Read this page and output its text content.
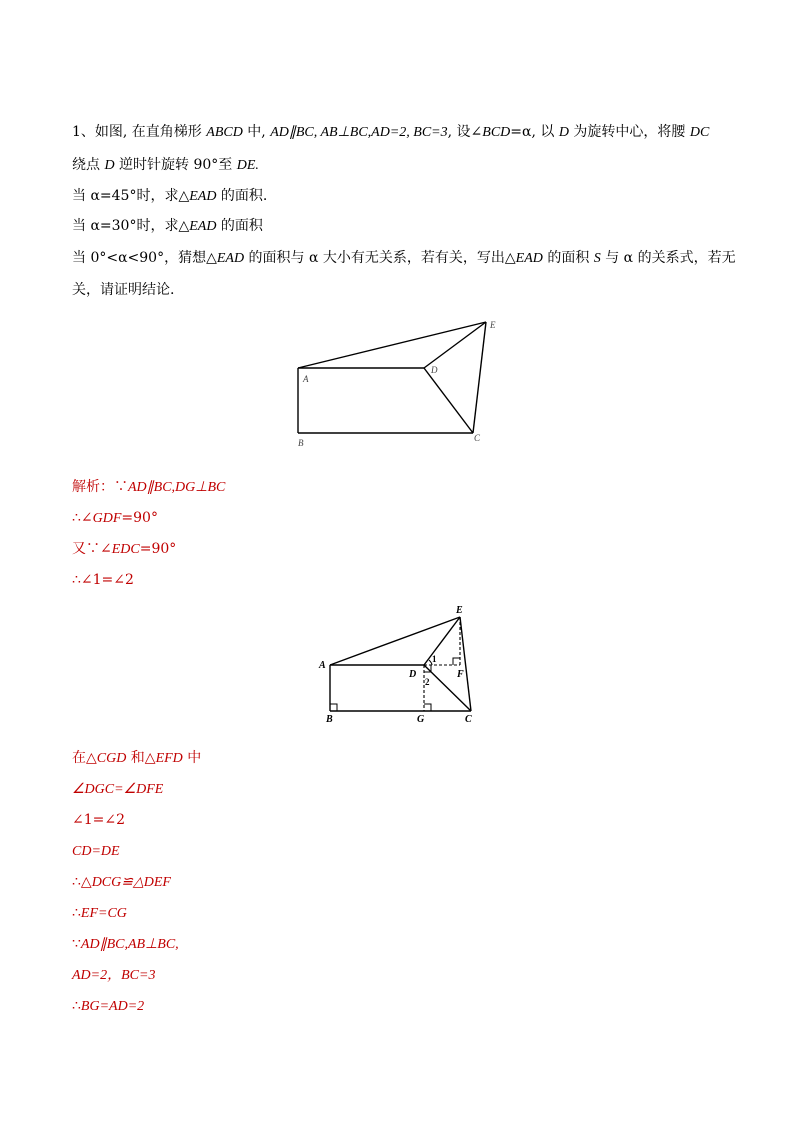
1、如图, 在直角梯形 ABCD 中, AD∥BC, AB⊥BC,AD=2, BC=3, 设∠BCD=α, 以 D 为旋转中心，将腰 DC
绕点 D 逆时针旋转 90°至 DE.
当 α=45°时，求△EAD 的面积.
当 α=30°时，求△EAD 的面积
当 0°<α<90°，猜想△EAD 的面积与 α 大小有无关系，若有关，写出△EAD 的面积 S 与 α 的关系式，若无
关，请证明结论.
A
B	C
D
E
解析：∵AD∥BC,DG⊥BC
∴∠GDF=90°
又∵∠EDC=90°
∴∠1=∠2
A
B	C
D
E
F
G
1
2
在△CGD 和△EFD 中
∠DGC=∠DFE
∠1=∠2
CD=DE
∴△DCG≌△DEF
∴EF=CG
∵AD∥BC,AB⊥BC,
AD=2，BC=3
∴BG=AD=2
